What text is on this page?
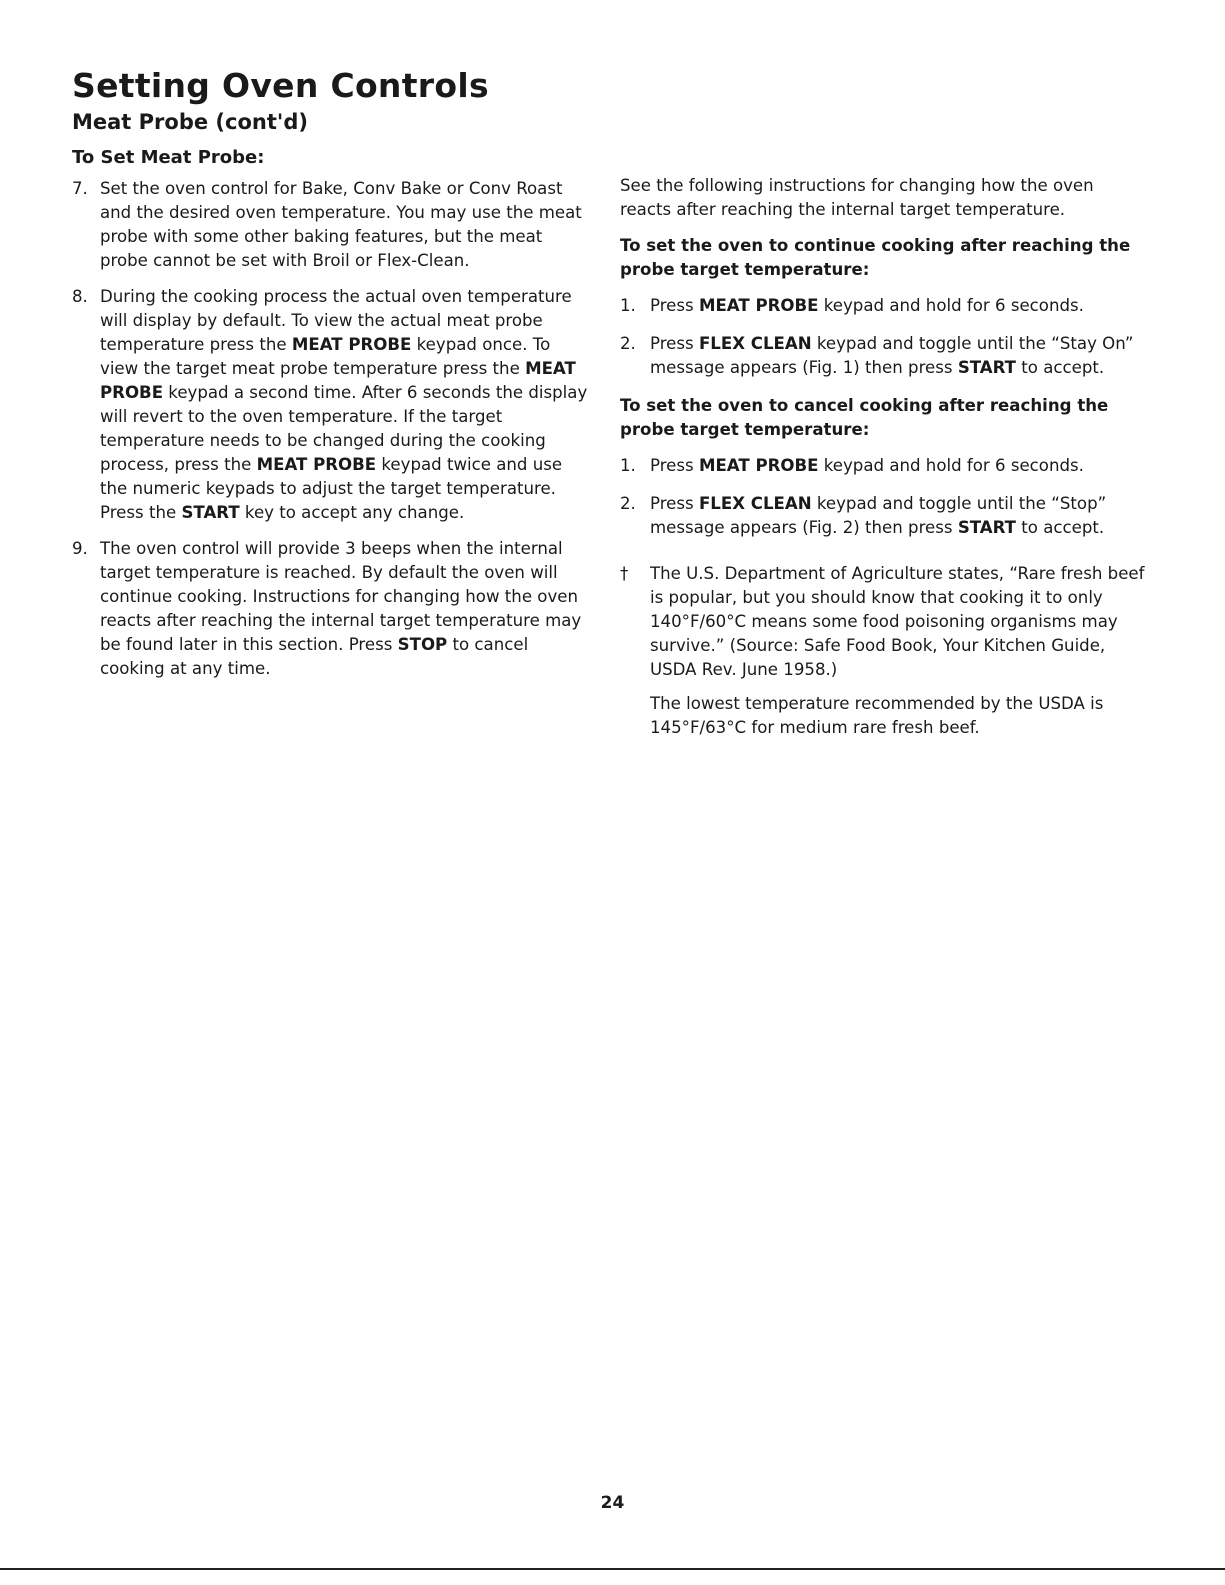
Setting Oven Controls
Meat Probe (cont'd)
To Set Meat Probe:
7. Set the oven control for Bake, Conv Bake or Conv Roast and the desired oven temperature. You may use the meat probe with some other baking features, but the meat probe cannot be set with Broil or Flex-Clean.
8. During the cooking process the actual oven temperature will display by default. To view the actual meat probe temperature press the MEAT PROBE keypad once. To view the target meat probe temperature press the MEAT PROBE keypad a second time. After 6 seconds the display will revert to the oven temperature. If the target temperature needs to be changed during the cooking process, press the MEAT PROBE keypad twice and use the numeric keypads to adjust the target temperature. Press the START key to accept any change.
9. The oven control will provide 3 beeps when the internal target temperature is reached. By default the oven will continue cooking. Instructions for changing how the oven reacts after reaching the internal target temperature may be found later in this section. Press STOP to cancel cooking at any time.

See the following instructions for changing how the oven reacts after reaching the internal target temperature.

To set the oven to continue cooking after reaching the probe target temperature:

1. Press MEAT PROBE keypad and hold for 6 seconds.
2. Press FLEX CLEAN keypad and toggle until the “Stay On” message appears (Fig. 1) then press START to accept.

To set the oven to cancel cooking after reaching the probe target temperature:

1. Press MEAT PROBE keypad and hold for 6 seconds.
2. Press FLEX CLEAN keypad and toggle until the “Stop” message appears (Fig. 2) then press START to accept.
† The U.S. Department of Agriculture states, “Rare fresh beef is popular, but you should know that cooking it to only 140°F/60°C means some food poisoning organisms may survive.” (Source: Safe Food Book, Your Kitchen Guide, USDA Rev. June 1958.)

The lowest temperature recommended by the USDA is 145°F/63°C for medium rare fresh beef.

24
